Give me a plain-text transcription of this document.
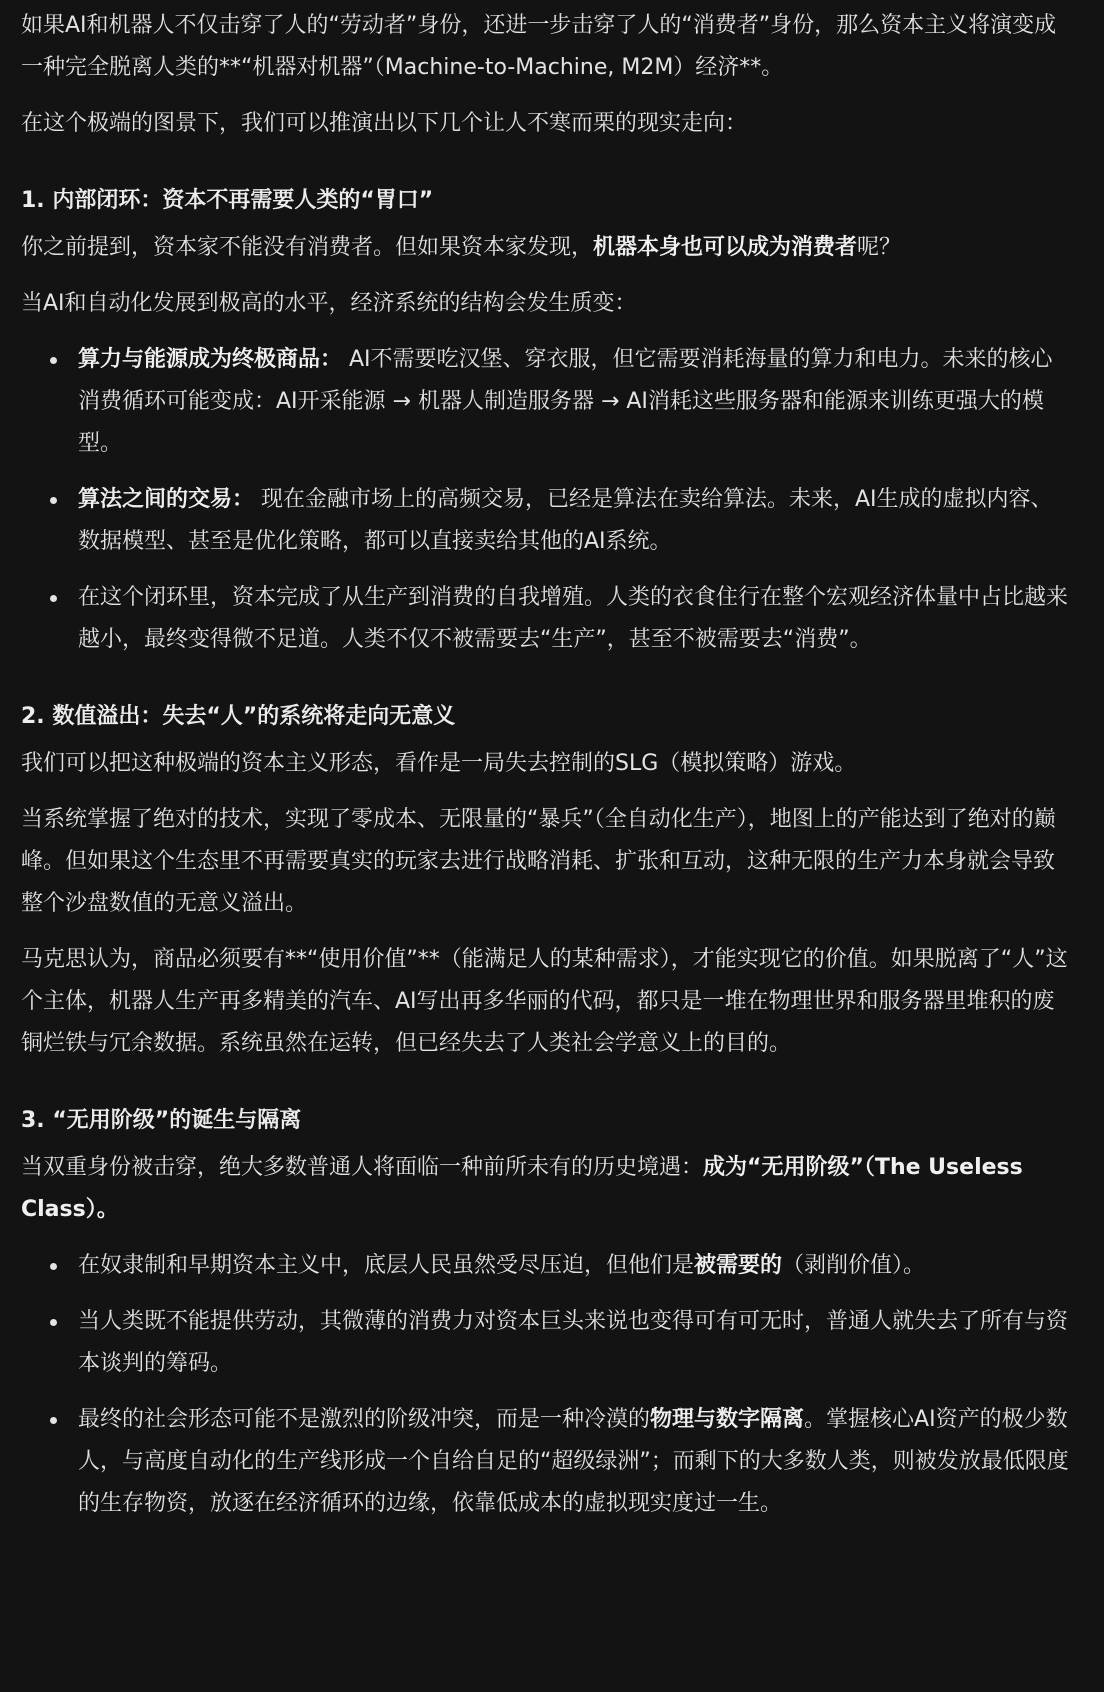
如果AI和机器人不仅击穿了人的“劳动者”身份，还进一步击穿了人的“消费者”身份，那么资本主义将演变成一种完全脱离人类的**“机器对机器”（Machine-to-Machine, M2M）经济**。

在这个极端的图景下，我们可以推演出以下几个让人不寒而栗的现实走向：

1. 内部闭环：资本不再需要人类的“胃口”

你之前提到，资本家不能没有消费者。但如果资本家发现，机器本身也可以成为消费者呢？

当AI和自动化发展到极高的水平，经济系统的结构会发生质变：

算力与能源成为终极商品： AI不需要吃汉堡、穿衣服，但它需要消耗海量的算力和电力。未来的核心消费循环可能变成：AI开采能源 → 机器人制造服务器 → AI消耗这些服务器和能源来训练更强大的模型。
算法之间的交易： 现在金融市场上的高频交易，已经是算法在卖给算法。未来，AI生成的虚拟内容、数据模型、甚至是优化策略，都可以直接卖给其他的AI系统。
在这个闭环里，资本完成了从生产到消费的自我增殖。人类的衣食住行在整个宏观经济体量中占比越来越小，最终变得微不足道。人类不仅不被需要去“生产”，甚至不被需要去“消费”。
2. 数值溢出：失去“人”的系统将走向无意义

我们可以把这种极端的资本主义形态，看作是一局失去控制的SLG（模拟策略）游戏。

当系统掌握了绝对的技术，实现了零成本、无限量的“暴兵”（全自动化生产），地图上的产能达到了绝对的巅峰。但如果这个生态里不再需要真实的玩家去进行战略消耗、扩张和互动，这种无限的生产力本身就会导致整个沙盘数值的无意义溢出。

马克思认为，商品必须要有**“使用价值”**（能满足人的某种需求），才能实现它的价值。如果脱离了“人”这个主体，机器人生产再多精美的汽车、AI写出再多华丽的代码，都只是一堆在物理世界和服务器里堆积的废铜烂铁与冗余数据。系统虽然在运转，但已经失去了人类社会学意义上的目的。

3. “无用阶级”的诞生与隔离

当双重身份被击穿，绝大多数普通人将面临一种前所未有的历史境遇：成为“无用阶级”（The Useless Class）。

在奴隶制和早期资本主义中，底层人民虽然受尽压迫，但他们是被需要的（剥削价值）。
当人类既不能提供劳动，其微薄的消费力对资本巨头来说也变得可有可无时，普通人就失去了所有与资本谈判的筹码。
最终的社会形态可能不是激烈的阶级冲突，而是一种冷漠的物理与数字隔离。掌握核心AI资产的极少数人，与高度自动化的生产线形成一个自给自足的“超级绿洲”；而剩下的大多数人类，则被发放最低限度的生存物资，放逐在经济循环的边缘，依靠低成本的虚拟现实度过一生。
